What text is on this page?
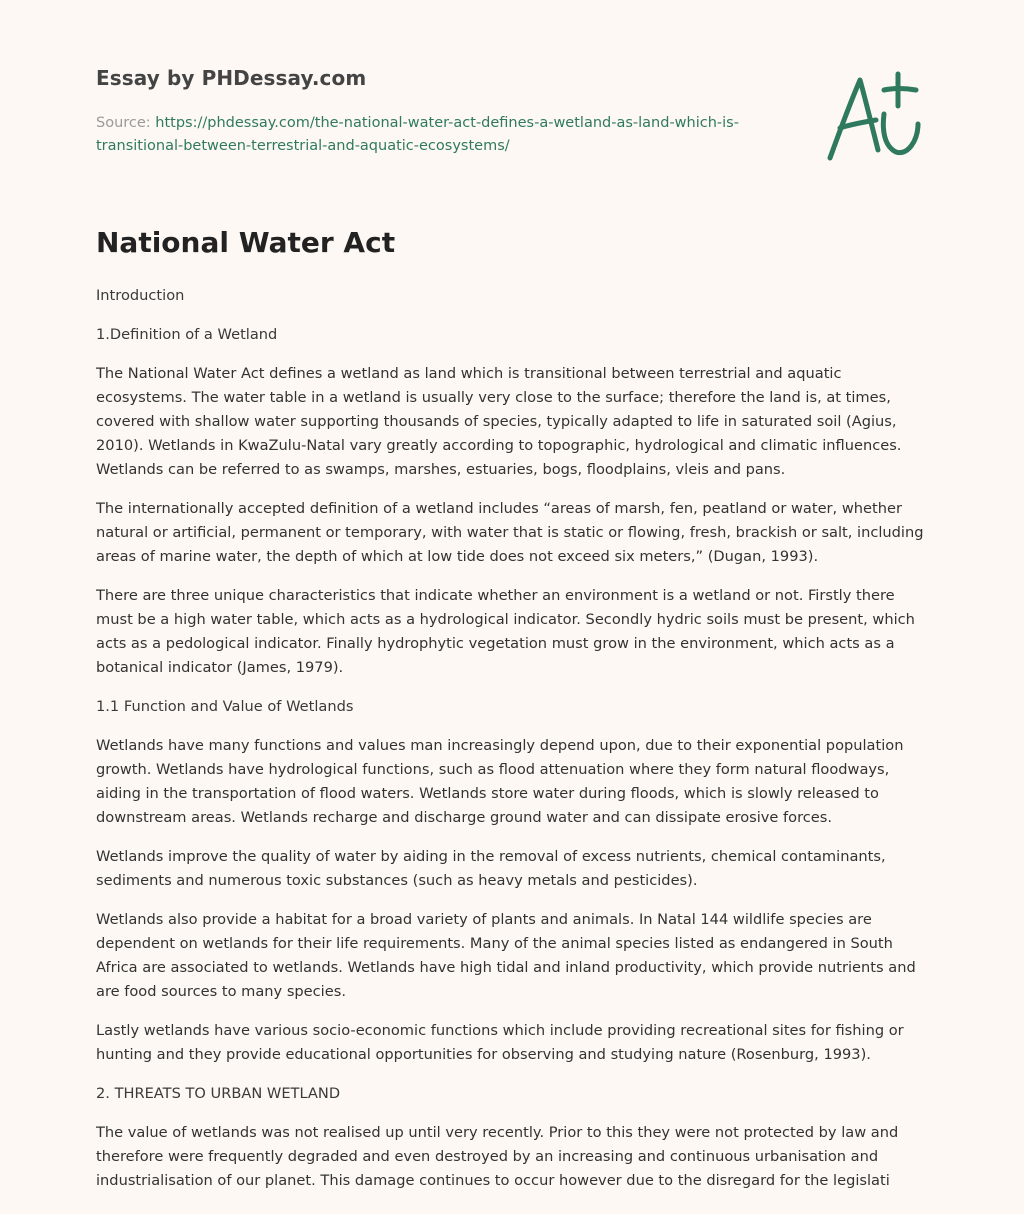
Essay by PHDessay.com
Source: https://phdessay.com/the-national-water-act-defines-a-wetland-as-land-which-is-transitional-between-terrestrial-and-aquatic-ecosystems/
National Water Act

Introduction

1.Definition of a Wetland

The National Water Act defines a wetland as land which is transitional between terrestrial and aquatic ecosystems. The water table in a wetland is usually very close to the surface; therefore the land is, at times, covered with shallow water supporting thousands of species, typically adapted to life in saturated soil (Agius, 2010). Wetlands in KwaZulu-Natal vary greatly according to topographic, hydrological and climatic influences. Wetlands can be referred to as swamps, marshes, estuaries, bogs, floodplains, vleis and pans.

The internationally accepted definition of a wetland includes “areas of marsh, fen, peatland or water, whether natural or artificial, permanent or temporary, with water that is static or flowing, fresh, brackish or salt, including areas of marine water, the depth of which at low tide does not exceed six meters,” (Dugan, 1993).

There are three unique characteristics that indicate whether an environment is a wetland or not. Firstly there must be a high water table, which acts as a hydrological indicator. Secondly hydric soils must be present, which acts as a pedological indicator. Finally hydrophytic vegetation must grow in the environment, which acts as a botanical indicator (James, 1979).

1.1 Function and Value of Wetlands

Wetlands have many functions and values man increasingly depend upon, due to their exponential population growth. Wetlands have hydrological functions, such as flood attenuation where they form natural floodways, aiding in the transportation of flood waters. Wetlands store water during floods, which is slowly released to downstream areas. Wetlands recharge and discharge ground water and can dissipate erosive forces.

Wetlands improve the quality of water by aiding in the removal of excess nutrients, chemical contaminants, sediments and numerous toxic substances (such as heavy metals and pesticides).

Wetlands also provide a habitat for a broad variety of plants and animals. In Natal 144 wildlife species are dependent on wetlands for their life requirements. Many of the animal species listed as endangered in South Africa are associated to wetlands. Wetlands have high tidal and inland productivity, which provide nutrients and are food sources to many species.

Lastly wetlands have various socio-economic functions which include providing recreational sites for fishing or hunting and they provide educational opportunities for observing and studying nature (Rosenburg, 1993).

2. THREATS TO URBAN WETLAND

The value of wetlands was not realised up until very recently. Prior to this they were not protected by law and therefore were frequently degraded and even destroyed by an increasing and continuous urbanisation and industrialisation of our planet. This damage continues to occur however due to the disregard for the legislati
